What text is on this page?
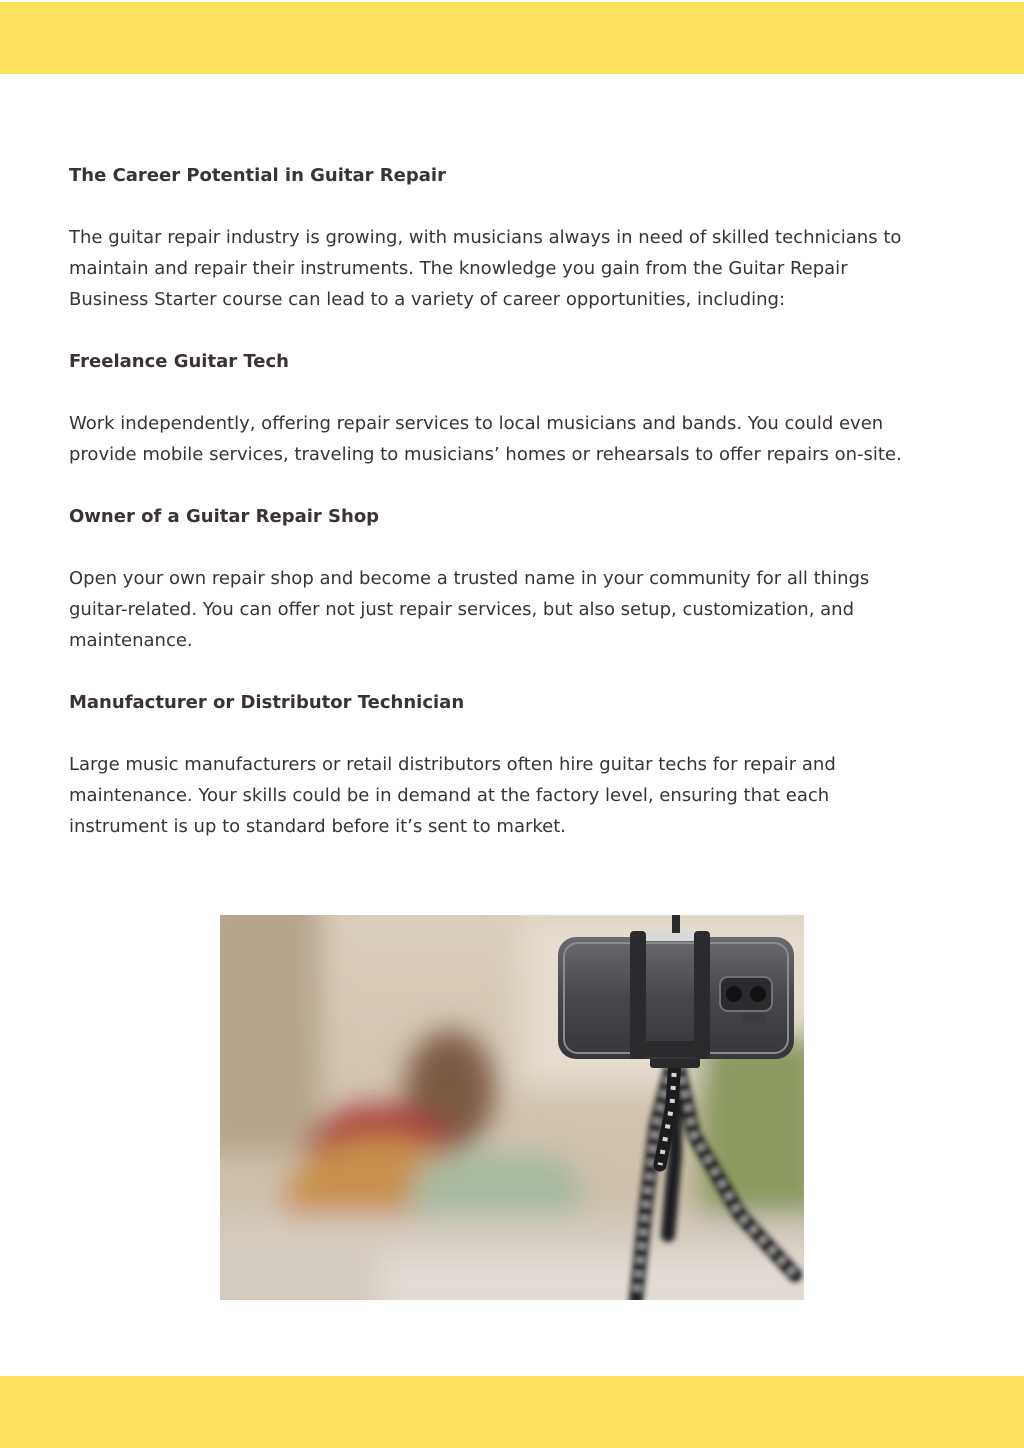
The Career Potential in Guitar Repair

The guitar repair industry is growing, with musicians always in need of skilled technicians to

maintain and repair their instruments. The knowledge you gain from the Guitar Repair

Business Starter course can lead to a variety of career opportunities, including:

Freelance Guitar Tech

Work independently, offering repair services to local musicians and bands. You could even

provide mobile services, traveling to musicians’ homes or rehearsals to offer repairs on-site.

Owner of a Guitar Repair Shop

Open your own repair shop and become a trusted name in your community for all things

guitar-related. You can offer not just repair services, but also setup, customization, and

maintenance.

Manufacturer or Distributor Technician

Large music manufacturers or retail distributors often hire guitar techs for repair and

maintenance. Your skills could be in demand at the factory level, ensuring that each

instrument is up to standard before it’s sent to market.
